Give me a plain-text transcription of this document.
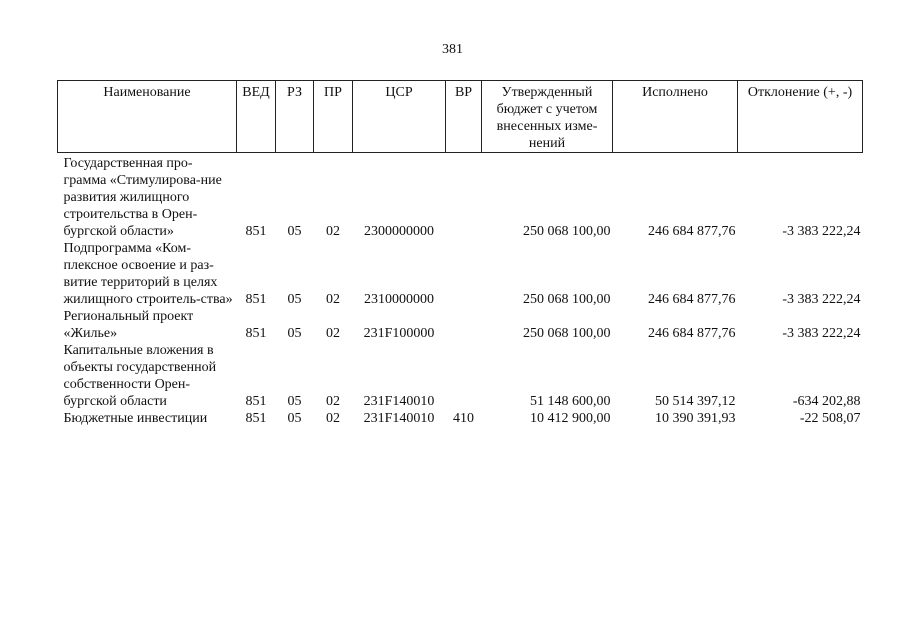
381
Наименование	ВЕД	РЗ	ПР	ЦСР	ВР	Утвержденный бюджет с учетом внесенных изме-нений	Исполнено	Отклонение (+, -)
Государственная про-грамма «Стимулирова-ние развития жилищного строительства в Орен-бургской области»	851	05	02	2300000000		250 068 100,00	246 684 877,76	-3 383 222,24
Подпрограмма «Ком-плексное освоение и раз-витие территорий в целях жилищного строитель-ства»	851	05	02	2310000000		250 068 100,00	246 684 877,76	-3 383 222,24
Региональный проект «Жилье»	851	05	02	231F100000		250 068 100,00	246 684 877,76	-3 383 222,24
Капитальные вложения в объекты государственной собственности Орен-бургской области	851	05	02	231F140010		51 148 600,00	50 514 397,12	-634 202,88
Бюджетные инвестиции	851	05	02	231F140010	410	10 412 900,00	10 390 391,93	-22 508,07
